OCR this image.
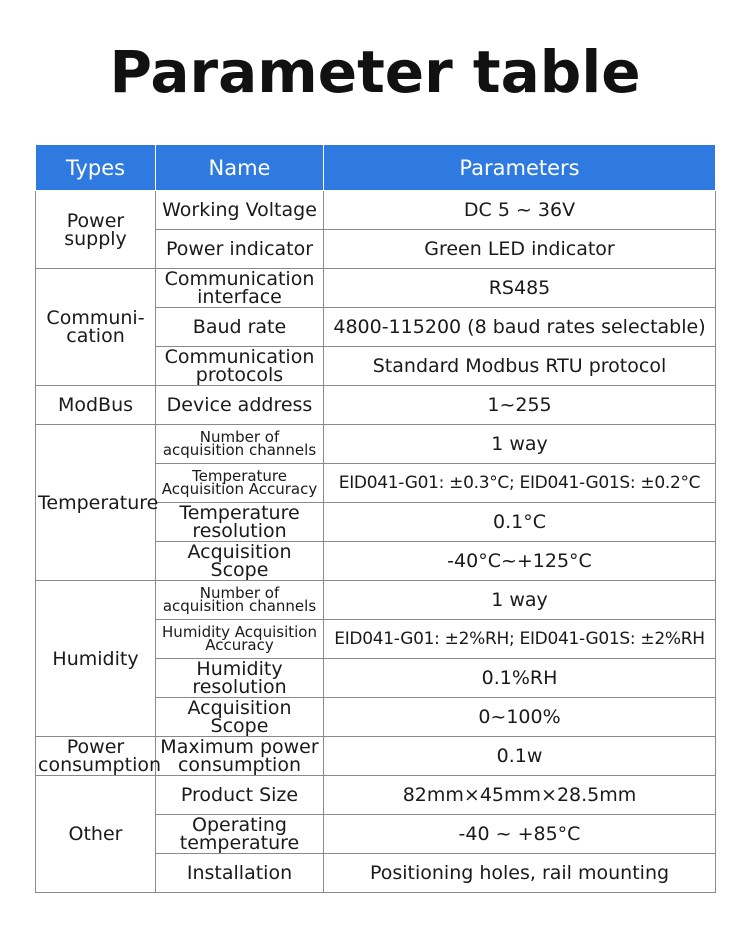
Parameter table
Types	Name	Parameters
Power supply	Working Voltage	DC 5 ~ 36V
	Power indicator	Green LED indicator
Communi- cation	Communication interface	RS485
	Baud rate	4800-115200 (8 baud rates selectable)
	Communication protocols	Standard Modbus RTU protocol
ModBus	Device address	1~255
Temperature	Number of acquisition channels	1 way
	Temperature Acquisition Accuracy	EID041-G01: ±0.3°C; EID041-G01S: ±0.2°C
	Temperature resolution	0.1°C
	Acquisition Scope	-40°C~+125°C
Humidity	Number of acquisition channels	1 way
	Humidity Acquisition Accuracy	EID041-G01: ±2%RH; EID041-G01S: ±2%RH
	Humidity resolution	0.1%RH
	Acquisition Scope	0~100%
Power consumption	Maximum power consumption	0.1w
Other	Product Size	82mm×45mm×28.5mm
	Operating temperature	-40 ~ +85°C
	Installation	Positioning holes, rail mounting
